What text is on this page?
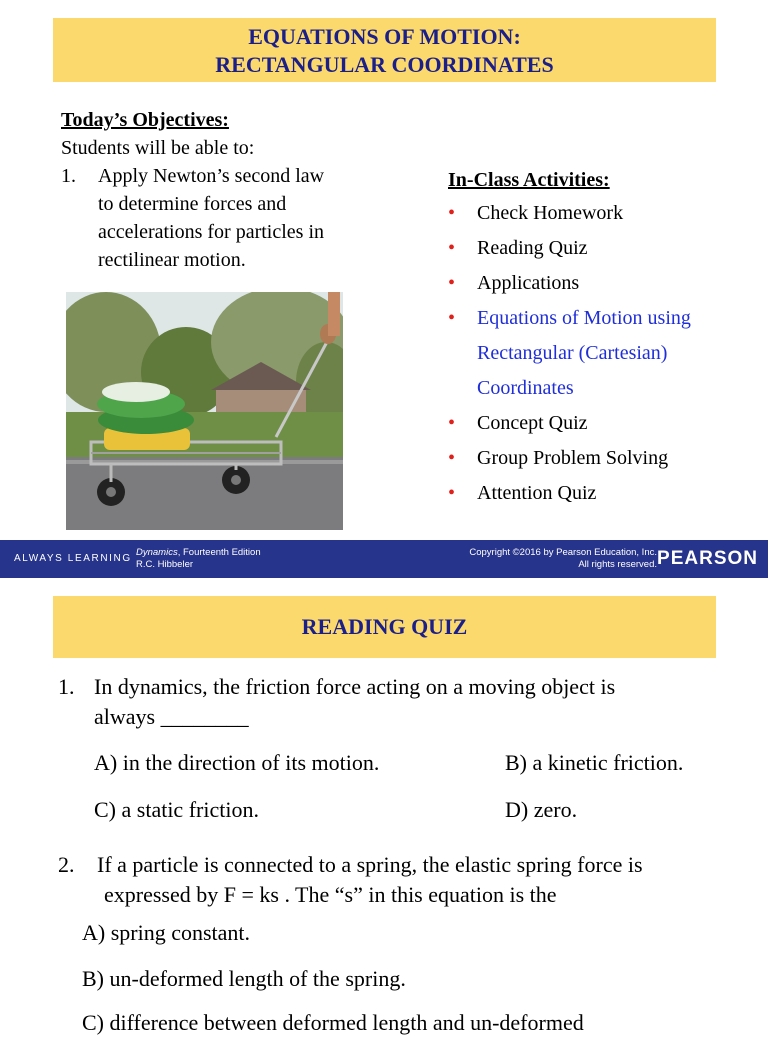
EQUATIONS OF MOTION:
RECTANGULAR COORDINATES
Today’s Objectives:
Students will be able to:
1. Apply Newton’s second law
to determine forces and
accelerations for particles in
rectilinear motion.
In-Class Activities:
• Check Homework
• Reading Quiz
• Applications
• Equations of Motion using
Rectangular (Cartesian)
Coordinates
• Concept Quiz
• Group Problem Solving
• Attention Quiz
ALWAYS LEARNING
Dynamics, Fourteenth Edition
R.C. Hibbeler
Copyright ©2016 by Pearson Education, Inc.
All rights reserved. PEARSON
READING QUIZ
1. In dynamics, the friction force acting on a moving object is
always ________
A) in the direction of its motion.	B) a kinetic friction.
C) a static friction.	D) zero.
2. If a particle is connected to a spring, the elastic spring force is
expressed by F = ks . The “s” in this equation is the
A) spring constant.
B) un-deformed length of the spring.
C) difference between deformed length and un-deformed
